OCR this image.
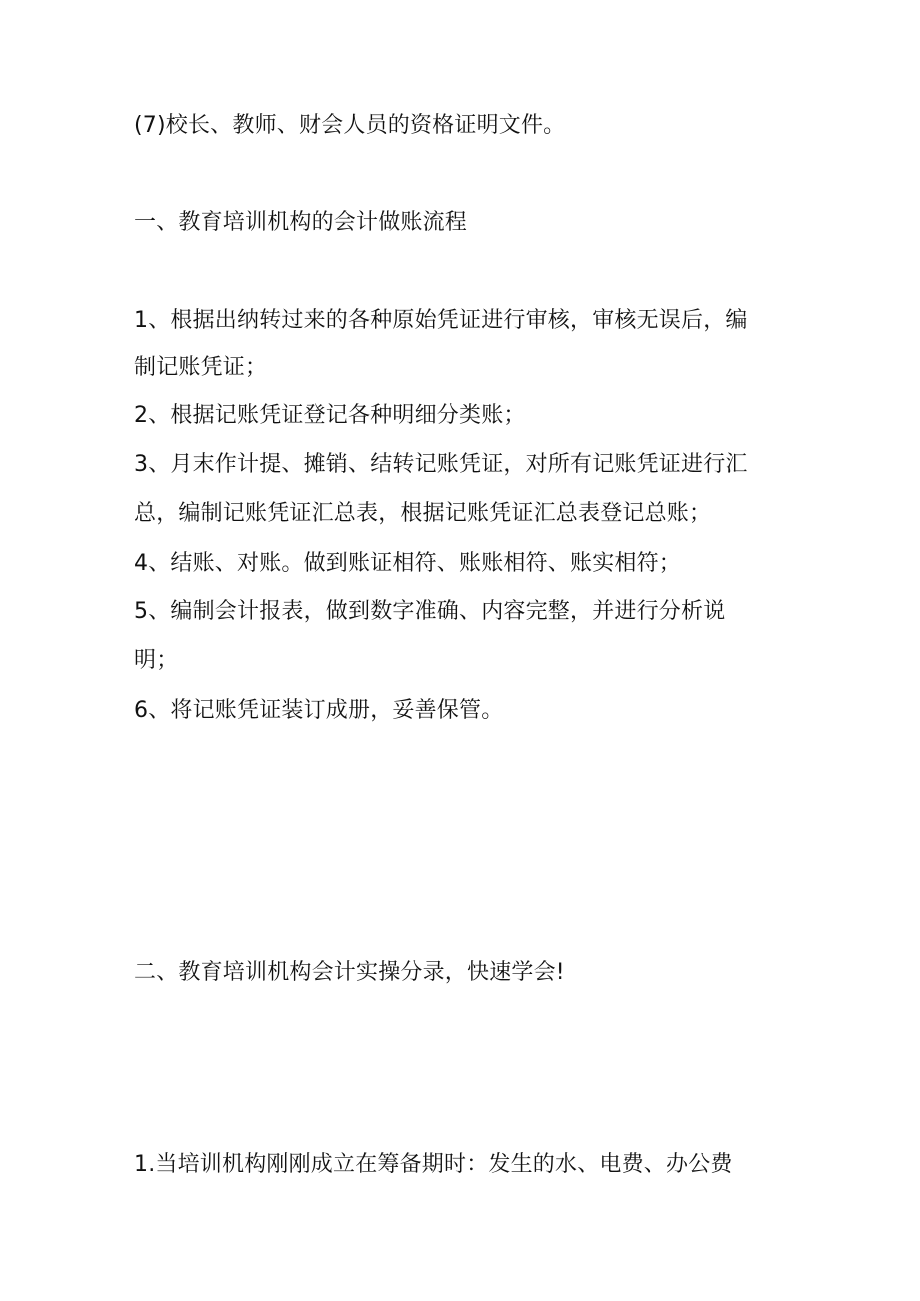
(7)校长、教师、财会人员的资格证明文件。
一、教育培训机构的会计做账流程
1、根据出纳转过来的各种原始凭证进行审核，审核无误后，编
制记账凭证；
2、根据记账凭证登记各种明细分类账；
3、月末作计提、摊销、结转记账凭证，对所有记账凭证进行汇
总，编制记账凭证汇总表，根据记账凭证汇总表登记总账；
4、结账、对账。做到账证相符、账账相符、账实相符；
5、编制会计报表，做到数字准确、内容完整，并进行分析说
明；
6、将记账凭证装订成册，妥善保管。
二、教育培训机构会计实操分录，快速学会!
1.当培训机构刚刚成立在筹备期时：发生的水、电费、办公费
